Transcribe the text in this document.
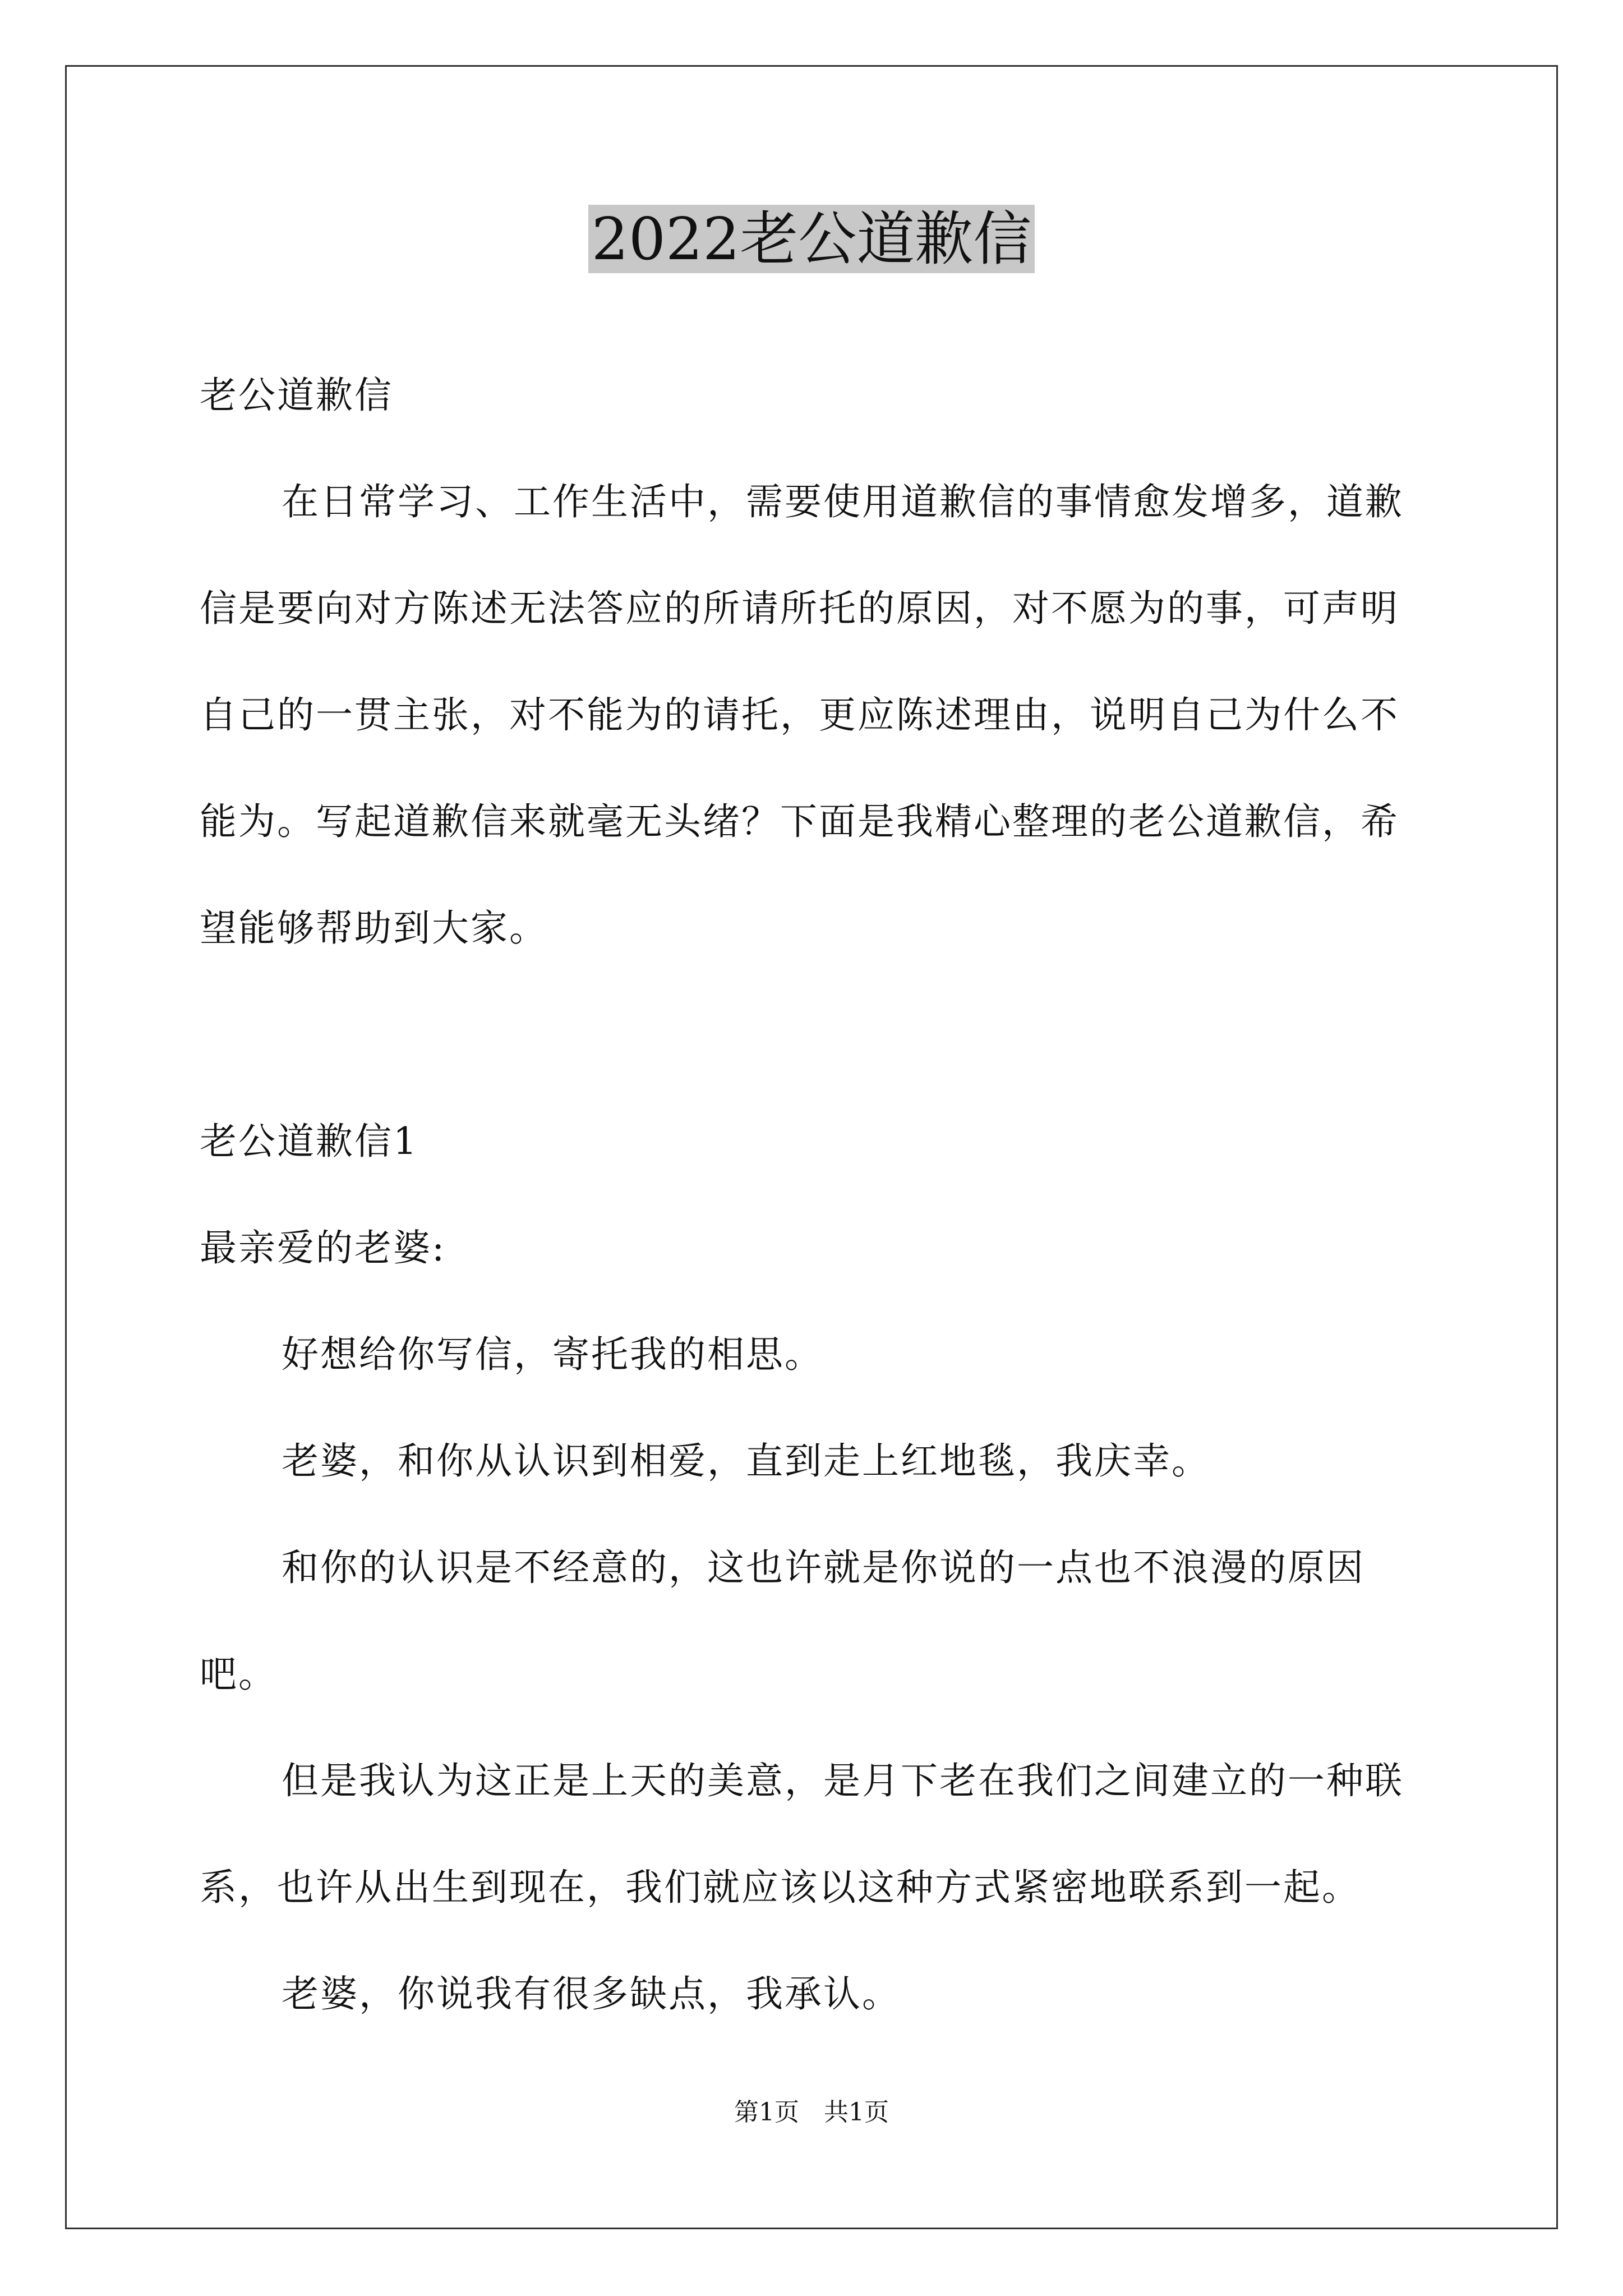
2022老公道歉信

老公道歉信

在日常学习、工作生活中，需要使用道歉信的事情愈发增多，道歉信是要向对方陈述无法答应的所请所托的原因，对不愿为的事，可声明自己的一贯主张，对不能为的请托，更应陈述理由，说明自己为什么不能为。写起道歉信来就毫无头绪？下面是我精心整理的老公道歉信，希望能够帮助到大家。

老公道歉信1

最亲爱的老婆:

好想给你写信，寄托我的相思。

老婆，和你从认识到相爱，直到走上红地毯，我庆幸。

和你的认识是不经意的，这也许就是你说的一点也不浪漫的原因吧。

但是我认为这正是上天的美意，是月下老在我们之间建立的一种联系，也许从出生到现在，我们就应该以这种方式紧密地联系到一起。

老婆，你说我有很多缺点，我承认。

第1页　共1页
